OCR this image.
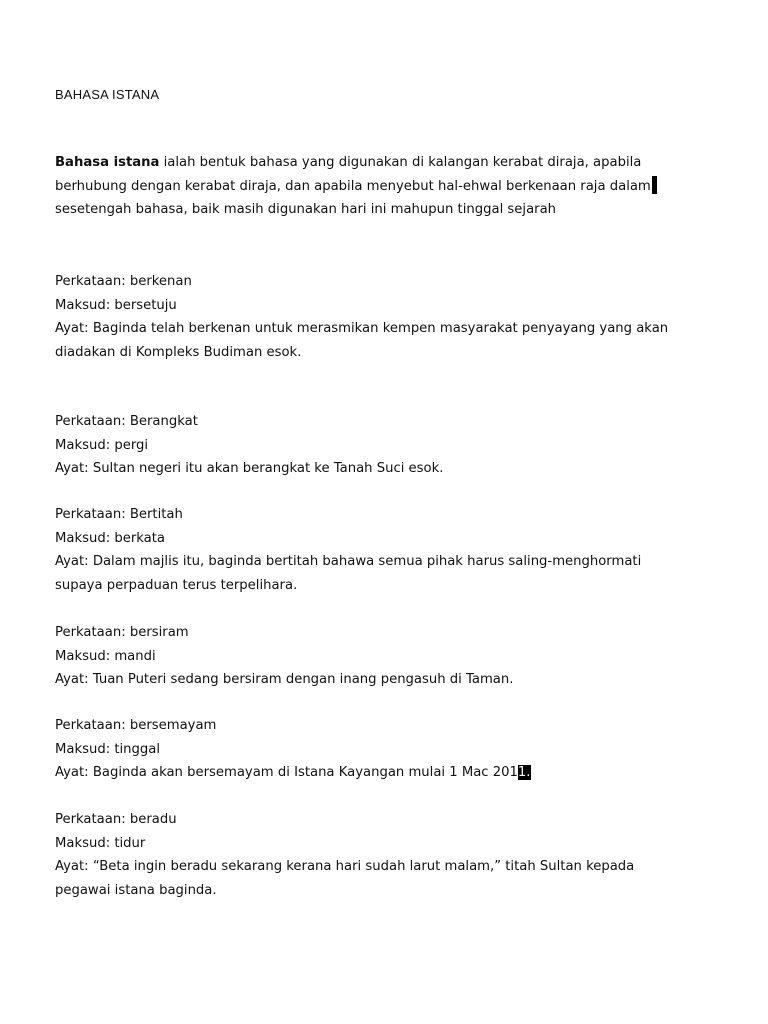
BAHASA ISTANA
Bahasa istana ialah bentuk bahasa yang digunakan di kalangan kerabat diraja, apabila
berhubung dengan kerabat diraja, dan apabila menyebut hal-ehwal berkenaan raja dalam
sesetengah bahasa, baik masih digunakan hari ini mahupun tinggal sejarah
Perkataan: berkenan
Maksud: bersetuju
Ayat: Baginda telah berkenan untuk merasmikan kempen masyarakat penyayang yang akan
diadakan di Kompleks Budiman esok.
Perkataan: Berangkat
Maksud: pergi
Ayat: Sultan negeri itu akan berangkat ke Tanah Suci esok.
Perkataan: Bertitah
Maksud: berkata
Ayat: Dalam majlis itu, baginda bertitah bahawa semua pihak harus saling-menghormati
supaya perpaduan terus terpelihara.
Perkataan: bersiram
Maksud: mandi
Ayat: Tuan Puteri sedang bersiram dengan inang pengasuh di Taman.
Perkataan: bersemayam
Maksud: tinggal
Ayat: Baginda akan bersemayam di Istana Kayangan mulai 1 Mac 2011.
Perkataan: beradu
Maksud: tidur
Ayat: “Beta ingin beradu sekarang kerana hari sudah larut malam,” titah Sultan kepada
pegawai istana baginda.
